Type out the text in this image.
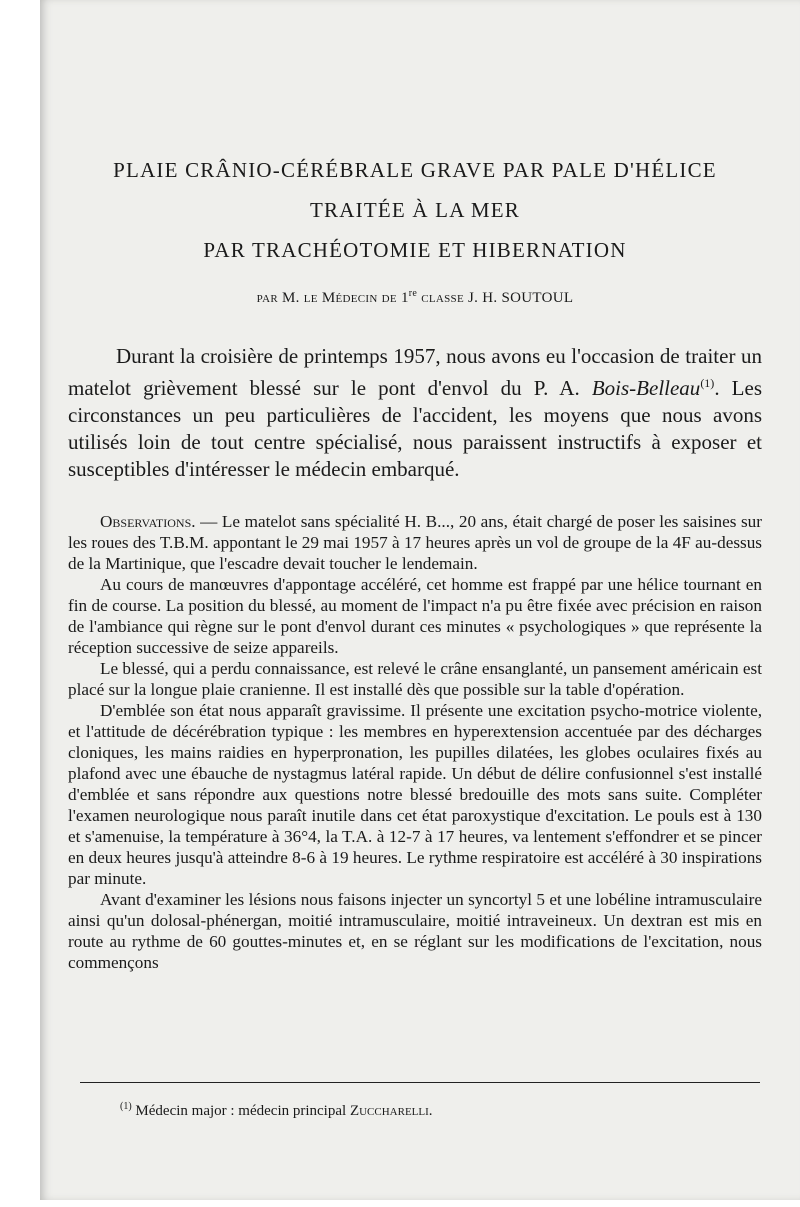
PLAIE CRÂNIO-CÉRÉBRALE GRAVE PAR PALE D'HÉLICE
TRAITÉE À LA MER
PAR TRACHÉOTOMIE ET HIBERNATION
par M. le Médecin de 1re classe J. H. SOUTOUL

Durant la croisière de printemps 1957, nous avons eu l'occasion de traiter un matelot grièvement blessé sur le pont d'envol du P. A. Bois-Belleau$^{(1)}$. Les circonstances un peu particulières de l'accident, les moyens que nous avons utilisés loin de tout centre spécialisé, nous paraissent instructifs à exposer et susceptibles d'intéresser le médecin embarqué.

Observations. — Le matelot sans spécialité H. B..., 20 ans, était chargé de poser les saisines sur les roues des T.B.M. appontant le 29 mai 1957 à 17 heures après un vol de groupe de la 4F au-dessus de la Martinique, que l'escadre devait toucher le lendemain.

Au cours de manœuvres d'appontage accéléré, cet homme est frappé par une hélice tournant en fin de course. La position du blessé, au moment de l'impact n'a pu être fixée avec précision en raison de l'ambiance qui règne sur le pont d'envol durant ces minutes « psychologiques » que représente la réception successive de seize appareils.

Le blessé, qui a perdu connaissance, est relevé le crâne ensanglanté, un pansement américain est placé sur la longue plaie cranienne. Il est installé dès que possible sur la table d'opération.

D'emblée son état nous apparaît gravissime. Il présente une excitation psycho-motrice violente, et l'attitude de décérébration typique : les membres en hyperextension accentuée par des décharges cloniques, les mains raidies en hyperpronation, les pupilles dilatées, les globes oculaires fixés au plafond avec une ébauche de nystagmus latéral rapide. Un début de délire confusionnel s'est installé d'emblée et sans répondre aux questions notre blessé bredouille des mots sans suite. Compléter l'examen neurologique nous paraît inutile dans cet état paroxystique d'excitation. Le pouls est à 130 et s'amenuise, la température à 36°4, la T.A. à 12-7 à 17 heures, va lentement s'effondrer et se pincer en deux heures jusqu'à atteindre 8-6 à 19 heures. Le rythme respiratoire est accéléré à 30 inspirations par minute.

Avant d'examiner les lésions nous faisons injecter un syncortyl 5 et une lobéline intramusculaire ainsi qu'un dolosal-phénergan, moitié intramusculaire, moitié intraveineux. Un dextran est mis en route au rythme de 60 gouttes-minutes et, en se réglant sur les modifications de l'excitation, nous commençons

$^{(1)}$ Médecin major : médecin principal Zuccharelli.
